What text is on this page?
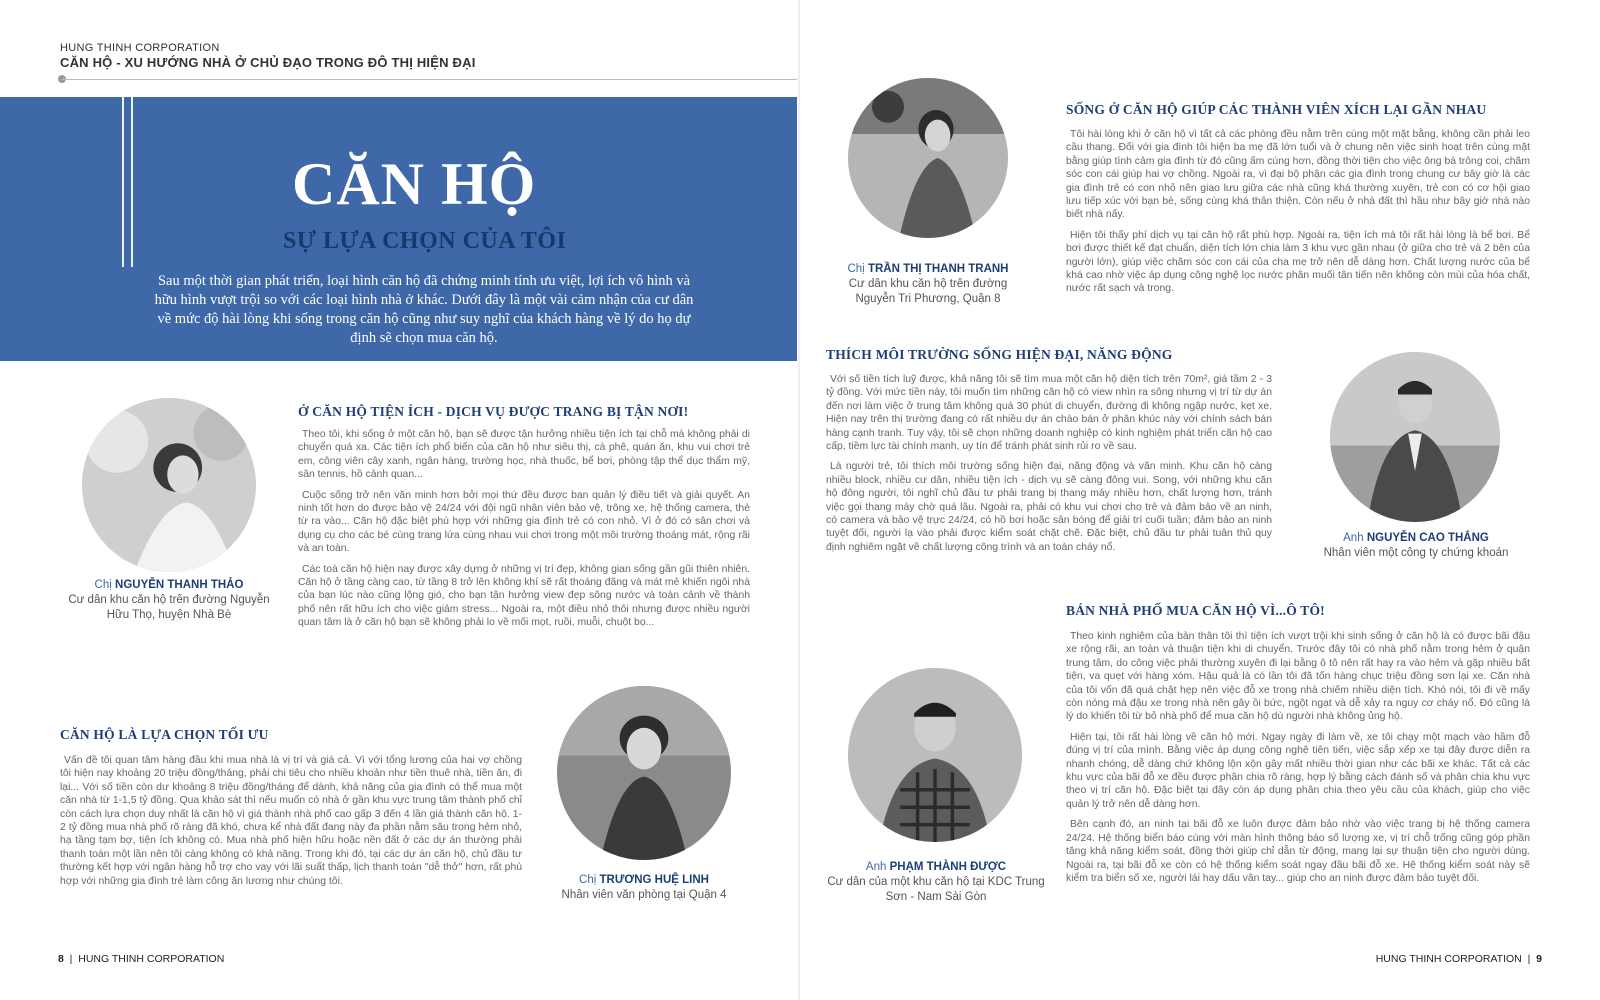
HUNG THINH CORPORATION
CĂN HỘ - XU HƯỚNG NHÀ Ở CHỦ ĐẠO TRONG ĐÔ THỊ HIỆN ĐẠI
CĂN HỘ
SỰ LỰA CHỌN CỦA TÔI
Sau một thời gian phát triển, loại hình căn hộ đã chứng minh tính ưu việt, lợi ích vô hình và hữu hình vượt trội so với các loại hình nhà ở khác. Dưới đây là một vài cảm nhận của cư dân về mức độ hài lòng khi sống trong căn hộ cũng như suy nghĩ của khách hàng về lý do họ dự định sẽ chọn mua căn hộ.
Chị NGUYỄN THANH THẢO
Cư dân khu căn hộ trên đường Nguyễn Hữu Thọ, huyện Nhà Bè
Ở CĂN HỘ TIỆN ÍCH - DỊCH VỤ ĐƯỢC TRANG BỊ TẬN NƠI!

Theo tôi, khi sống ở một căn hộ, bạn sẽ được tận hưởng nhiều tiện ích tại chỗ mà không phải di chuyển quá xa. Các tiện ích phổ biến của căn hộ như siêu thị, cà phê, quán ăn, khu vui chơi trẻ em, công viên cây xanh, ngân hàng, trường học, nhà thuốc, bể bơi, phòng tập thể dục thẩm mỹ, sân tennis, hồ cảnh quan...

Cuộc sống trở nên văn minh hơn bởi mọi thứ đều được ban quản lý điều tiết và giải quyết. An ninh tốt hơn do được bảo vệ 24/24 với đội ngũ nhân viên bảo vệ, trông xe, hệ thống camera, thẻ từ ra vào... Căn hộ đặc biệt phù hợp với những gia đình trẻ có con nhỏ. Vì ở đó có sân chơi và dụng cụ cho các bé cùng trang lứa cùng nhau vui chơi trong một môi trường thoáng mát, rộng rãi và an toàn.

Các toà căn hộ hiện nay được xây dựng ở những vị trí đẹp, không gian sống gần gũi thiên nhiên. Căn hộ ở tầng càng cao, từ tầng 8 trở lên không khí sẽ rất thoáng đãng và mát mẻ khiến ngôi nhà của bạn lúc nào cũng lộng gió, cho bạn tận hưởng view đẹp sông nước và toàn cảnh về thành phố nên rất hữu ích cho việc giảm stress... Ngoài ra, một điều nhỏ thôi nhưng được nhiều người quan tâm là ở căn hộ bạn sẽ không phải lo về mối mọt, ruồi, muỗi, chuột bọ...

CĂN HỘ LÀ LỰA CHỌN TỐI ƯU

Vấn đề tôi quan tâm hàng đầu khi mua nhà là vị trí và giá cả. Vì với tổng lương của hai vợ chồng tôi hiện nay khoảng 20 triệu đồng/tháng, phải chi tiêu cho nhiều khoản như tiền thuê nhà, tiền ăn, đi lại... Với số tiền còn dư khoảng 8 triệu đồng/tháng để dành, khả năng của gia đình có thể mua một căn nhà từ 1-1,5 tỷ đồng. Qua khảo sát thì nếu muốn có nhà ở gần khu vực trung tâm thành phố chỉ còn cách lựa chọn duy nhất là căn hộ vì giá thành nhà phố cao gấp 3 đến 4 lần giá thành căn hộ. 1-2 tỷ đồng mua nhà phố rõ ràng đã khó, chưa kể nhà đất đang này đa phần nằm sâu trong hẻm nhỏ, hạ tầng tạm bợ, tiện ích không có. Mua nhà phố hiện hữu hoặc nền đất ở các dự án thường phải thanh toán một lần nên tôi càng không có khả năng. Trong khi đó, tại các dự án căn hộ, chủ đầu tư thường kết hợp với ngân hàng hỗ trợ cho vay với lãi suất thấp, lịch thanh toán "dễ thở" hơn, rất phù hợp với những gia đình trẻ làm công ăn lương như chúng tôi.	Chị TRƯƠNG HUỆ LINH
Nhân viên văn phòng tại Quận 4
8  |  HUNG THINH CORPORATION
Chị TRẦN THỊ THANH TRANH
Cư dân khu căn hộ trên đường Nguyễn Tri Phương, Quận 8
SỐNG Ở CĂN HỘ GIÚP CÁC THÀNH VIÊN XÍCH LẠI GẦN NHAU

Tôi hài lòng khi ở căn hộ vì tất cả các phòng đều nằm trên cùng một mặt bằng, không cần phải leo cầu thang. Đối với gia đình tôi hiện ba mẹ đã lớn tuổi và ở chung nên việc sinh hoạt trên cùng mặt bằng giúp tình cảm gia đình từ đó cũng ấm cúng hơn, đồng thời tiện cho việc ông bà trông coi, chăm sóc con cái giúp hai vợ chồng. Ngoài ra, vì đại bộ phận các gia đình trong chung cư bây giờ là các gia đình trẻ có con nhỏ nên giao lưu giữa các nhà cũng khá thường xuyên, trẻ con có cơ hội giao lưu tiếp xúc với bạn bè, sống cùng khá thân thiện. Còn nếu ở nhà đất thì hầu như bây giờ nhà nào biết nhà nấy.

Hiện tôi thấy phí dịch vụ tại căn hộ rất phù hợp. Ngoài ra, tiện ích mà tôi rất hài lòng là bể bơi. Bể bơi được thiết kế đạt chuẩn, diện tích lớn chia làm 3 khu vực gần nhau (ở giữa cho trẻ và 2 bên của người lớn), giúp việc chăm sóc con cái của cha mẹ trở nên dễ dàng hơn. Chất lượng nước của bể khá cao nhờ việc áp dụng công nghệ lọc nước phân muối tân tiến nên không còn mùi của hóa chất, nước rất sạch và trong.

THÍCH MÔI TRƯỜNG SỐNG HIỆN ĐẠI, NĂNG ĐỘNG

Với số tiền tích luỹ được, khả năng tôi sẽ tìm mua một căn hộ diện tích trên 70m², giá tầm 2 - 3 tỷ đồng. Với mức tiền này, tôi muốn tìm những căn hộ có view nhìn ra sông nhưng vị trí từ dự án đến nơi làm việc ở trung tâm không quá 30 phút di chuyển, đường đi không ngập nước, kẹt xe. Hiện nay trên thị trường đang có rất nhiều dự án chào bán ở phân khúc này với chính sách bán hàng cạnh tranh. Tuy vậy, tôi sẽ chọn những doanh nghiệp có kinh nghiệm phát triển căn hộ cao cấp, tiềm lực tài chính mạnh, uy tín để tránh phát sinh rủi ro về sau.

Là người trẻ, tôi thích môi trường sống hiện đại, năng động và văn minh. Khu căn hộ càng nhiều block, nhiều cư dân, nhiều tiện ích - dịch vụ sẽ càng đông vui. Song, với những khu căn hộ đông người, tôi nghĩ chủ đầu tư phải trang bị thang máy nhiều hơn, chất lượng hơn, tránh việc gọi thang máy chờ quá lâu. Ngoài ra, phải có khu vui chơi cho trẻ và đảm bảo về an ninh, có camera và bảo vệ trực 24/24, có hồ bơi hoặc sân bóng để giải trí cuối tuần; đảm bảo an ninh tuyệt đối, người lạ vào phải được kiểm soát chặt chẽ. Đặc biệt, chủ đầu tư phải tuân thủ quy định nghiêm ngặt về chất lượng công trình và an toàn cháy nổ.

Anh NGUYỄN CAO THẮNG
Nhân viên một công ty chứng khoán
Anh PHẠM THÀNH ĐƯỢC
Cư dân của một khu căn hộ tại KDC Trung Sơn - Nam Sài Gòn
BÁN NHÀ PHỐ MUA CĂN HỘ VÌ...Ô TÔ!

Theo kinh nghiệm của bản thân tôi thì tiện ích vượt trội khi sinh sống ở căn hộ là có được bãi đậu xe rộng rãi, an toàn và thuận tiện khi di chuyển. Trước đây tôi có nhà phố nằm trong hẻm ở quận trung tâm, do công việc phải thường xuyên đi lại bằng ô tô nên rất hay ra vào hẻm và gặp nhiều bất tiện, va quẹt với hàng xóm. Hậu quả là có lần tôi đã tốn hàng chục triệu đồng sơn lại xe. Căn nhà của tôi vốn đã quá chật hẹp nên việc đỗ xe trong nhà chiếm nhiều diện tích. Khó nói, tôi đi về mấy còn nóng mà đậu xe trong nhà nên gây ồi bức, ngột ngạt và dễ xảy ra nguy cơ cháy nổ. Đó cũng là lý do khiến tôi từ bỏ nhà phố để mua căn hộ dù người nhà không ủng hộ.

Hiện tại, tôi rất hài lòng về căn hộ mới. Ngay ngày đi làm về, xe tôi chạy một mạch vào hầm đỗ đúng vị trí của mình. Bằng việc áp dụng công nghệ tiên tiến, việc sắp xếp xe tại đây được diễn ra nhanh chóng, dễ dàng chứ không lộn xộn gây mất nhiều thời gian như các bãi xe khác. Tất cả các khu vực của bãi đỗ xe đều được phân chia rõ ràng, hợp lý bằng cách đánh số và phân chia khu vực theo vị trí căn hộ. Đặc biệt tại đây còn áp dụng phân chia theo yêu cầu của khách, giúp cho việc quản lý trở nên dễ dàng hơn.

Bên cạnh đó, an ninh tại bãi đỗ xe luôn được đảm bảo nhờ vào việc trang bị hệ thống camera 24/24. Hệ thống biển báo cùng với màn hình thông báo số lượng xe, vị trí chỗ trống cũng góp phần tăng khả năng kiểm soát, đồng thời giúp chỉ dẫn từ động, mang lại sự thuận tiện cho người dùng. Ngoài ra, tại bãi đỗ xe còn có hệ thống kiểm soát ngay đầu bãi đỗ xe. Hệ thống kiểm soát này sẽ kiểm tra biển số xe, người lái hay dấu vân tay... giúp cho an ninh được đảm bảo tuyệt đối.

HUNG THINH CORPORATION  |  9
